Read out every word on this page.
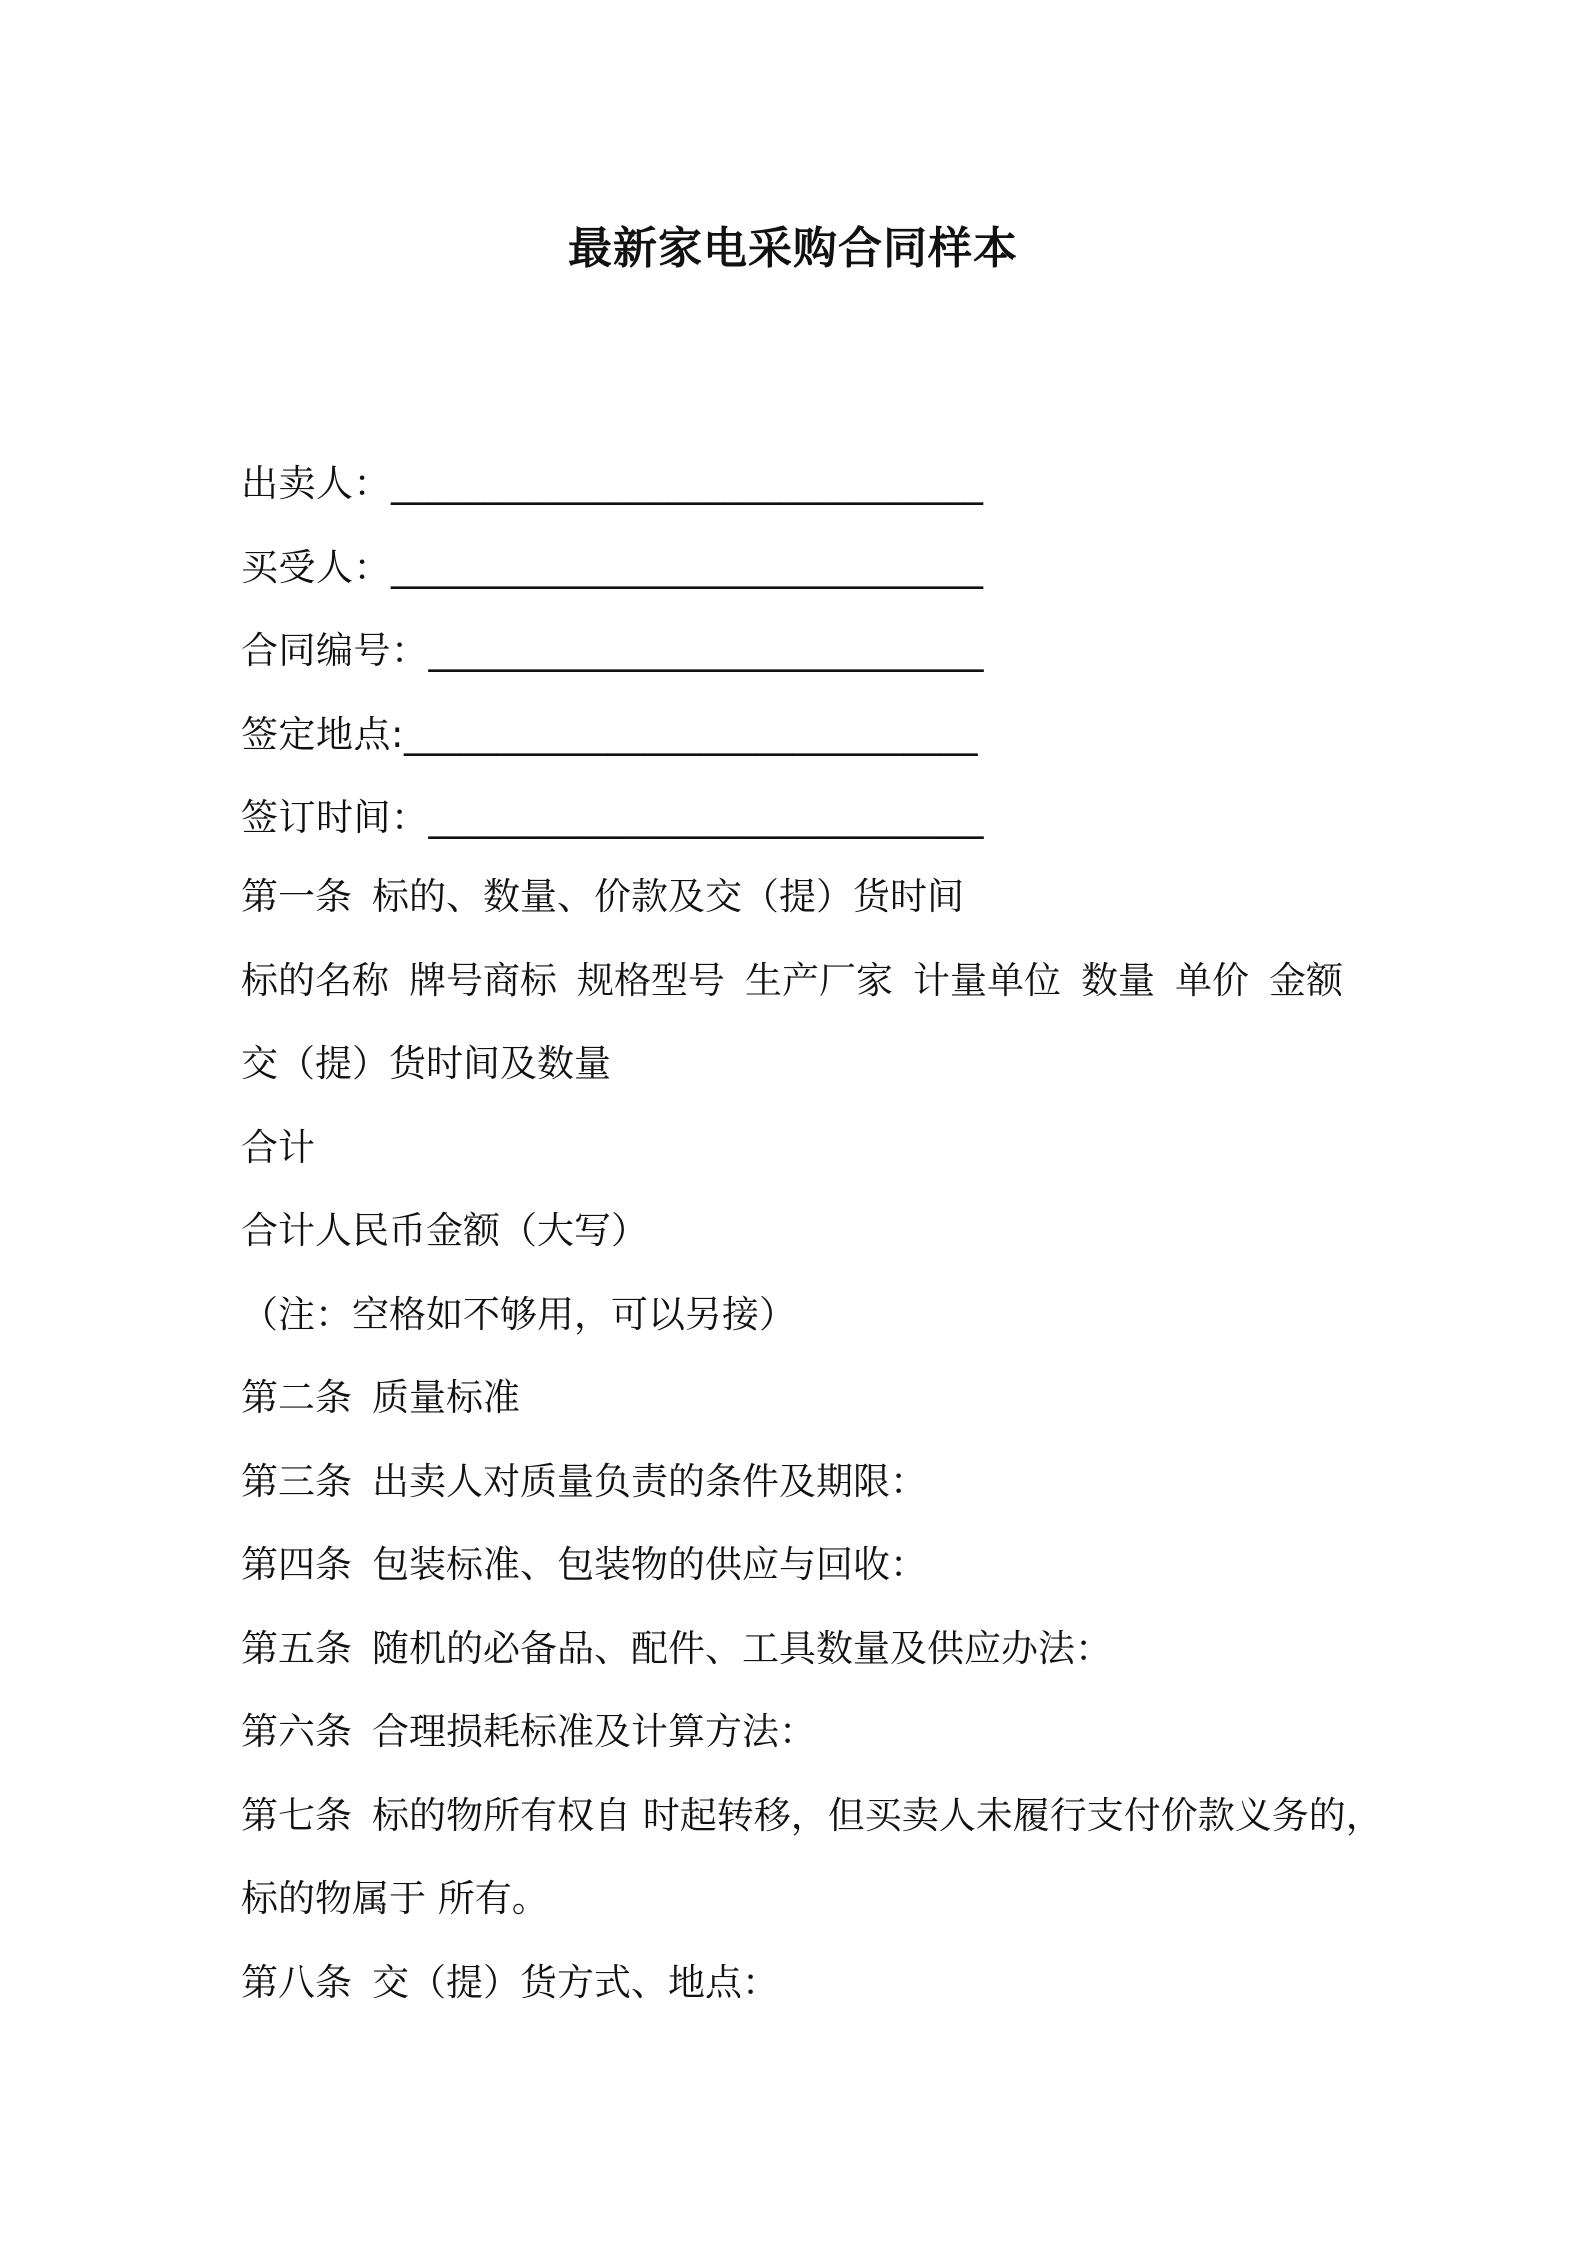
最新家电采购合同样本
出卖人：________________________________
买受人：________________________________
合同编号：______________________________
签定地点:_______________________________
签订时间：______________________________
第一条 标的、数量、价款及交（提）货时间
标的名称 牌号商标 规格型号 生产厂家 计量单位 数量 单价 金额
交（提）货时间及数量
合计
合计人民币金额（大写）
（注：空格如不够用，可以另接）
第二条 质量标准
第三条 出卖人对质量负责的条件及期限：
第四条 包装标准、包装物的供应与回收：
第五条 随机的必备品、配件、工具数量及供应办法：
第六条 合理损耗标准及计算方法：
第七条 标的物所有权自 时起转移，但买卖人未履行支付价款义务的，
标的物属于 所有。
第八条 交（提）货方式、地点：
